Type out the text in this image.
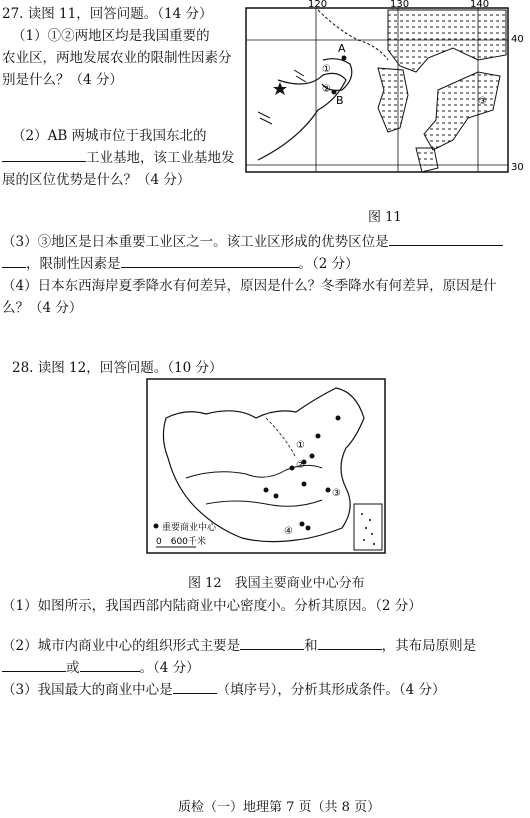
27. 读图 11，回答问题。（14 分）
（1）①②两地区均是我国重要的
农业区，两地发展农业的限制性因素分
别是什么？（4 分）
（2）AB 两城市位于我国东北的
工业基地，该工业基地发
展的区位优势是什么？（4 分）
120	130	140
40
30
A
B
①
②
③
图 11
（3）③地区是日本重要工业区之一。该工业区形成的优势区位是
，限制性因素是	。（2 分）
（4）日本东西海岸夏季降水有何差异，原因是什么？冬季降水有何差异，原因是什
么？（4 分）
28. 读图 12，回答问题。（10 分）
①
②
③
④
重要商业中心
0　600千米
图 12　我国主要商业中心分布
（1）如图所示，我国西部内陆商业中心密度小。分析其原因。（2 分）
（2）城市内商业中心的组织形式主要是	和	，其布局原则是
或	。（4 分）
（3）我国最大的商业中心是	（填序号），分析其形成条件。（4 分）
质检（一）地理第 7 页（共 8 页）
